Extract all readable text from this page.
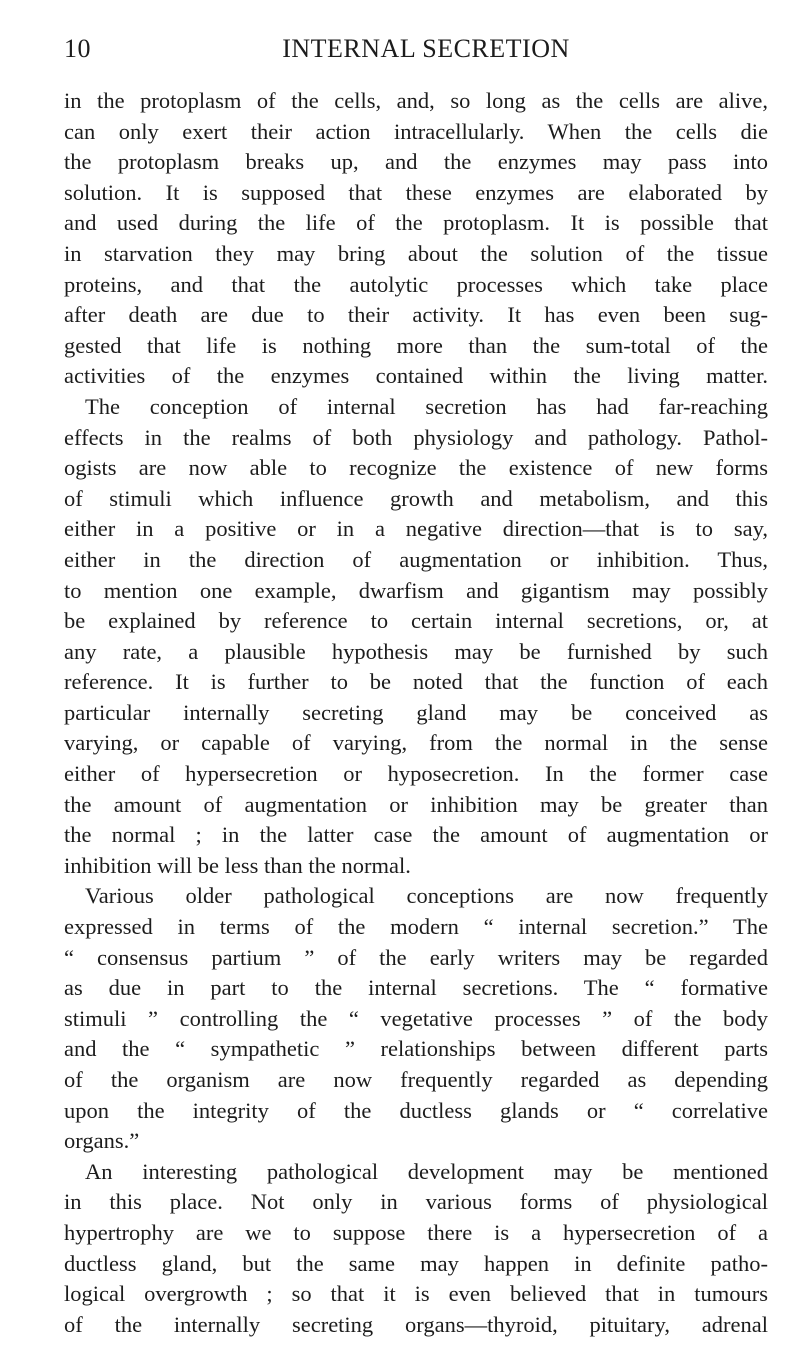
10	INTERNAL SECRETION
in the protoplasm of the cells, and, so long as the cells are alive,
can only exert their action intracellularly. When the cells die
the protoplasm breaks up, and the enzymes may pass into
solution. It is supposed that these enzymes are elaborated by
and used during the life of the protoplasm. It is possible that
in starvation they may bring about the solution of the tissue
proteins, and that the autolytic processes which take place
after death are due to their activity. It has even been sug-
gested that life is nothing more than the sum-total of the
activities of the enzymes contained within the living matter.
The conception of internal secretion has had far-reaching
effects in the realms of both physiology and pathology. Pathol-
ogists are now able to recognize the existence of new forms
of stimuli which influence growth and metabolism, and this
either in a positive or in a negative direction—that is to say,
either in the direction of augmentation or inhibition. Thus,
to mention one example, dwarfism and gigantism may possibly
be explained by reference to certain internal secretions, or, at
any rate, a plausible hypothesis may be furnished by such
reference. It is further to be noted that the function of each
particular internally secreting gland may be conceived as
varying, or capable of varying, from the normal in the sense
either of hypersecretion or hyposecretion. In the former case
the amount of augmentation or inhibition may be greater than
the normal ; in the latter case the amount of augmentation or
inhibition will be less than the normal.
Various older pathological conceptions are now frequently
expressed in terms of the modern “ internal secretion.” The
“ consensus partium ” of the early writers may be regarded
as due in part to the internal secretions. The “ formative
stimuli ” controlling the “ vegetative processes ” of the body
and the “ sympathetic ” relationships between different parts
of the organism are now frequently regarded as depending
upon the integrity of the ductless glands or “ correlative
organs.”
An interesting pathological development may be mentioned
in this place. Not only in various forms of physiological
hypertrophy are we to suppose there is a hypersecretion of a
ductless gland, but the same may happen in definite patho-
logical overgrowth ; so that it is even believed that in tumours
of the internally secreting organs—thyroid, pituitary, adrenal
